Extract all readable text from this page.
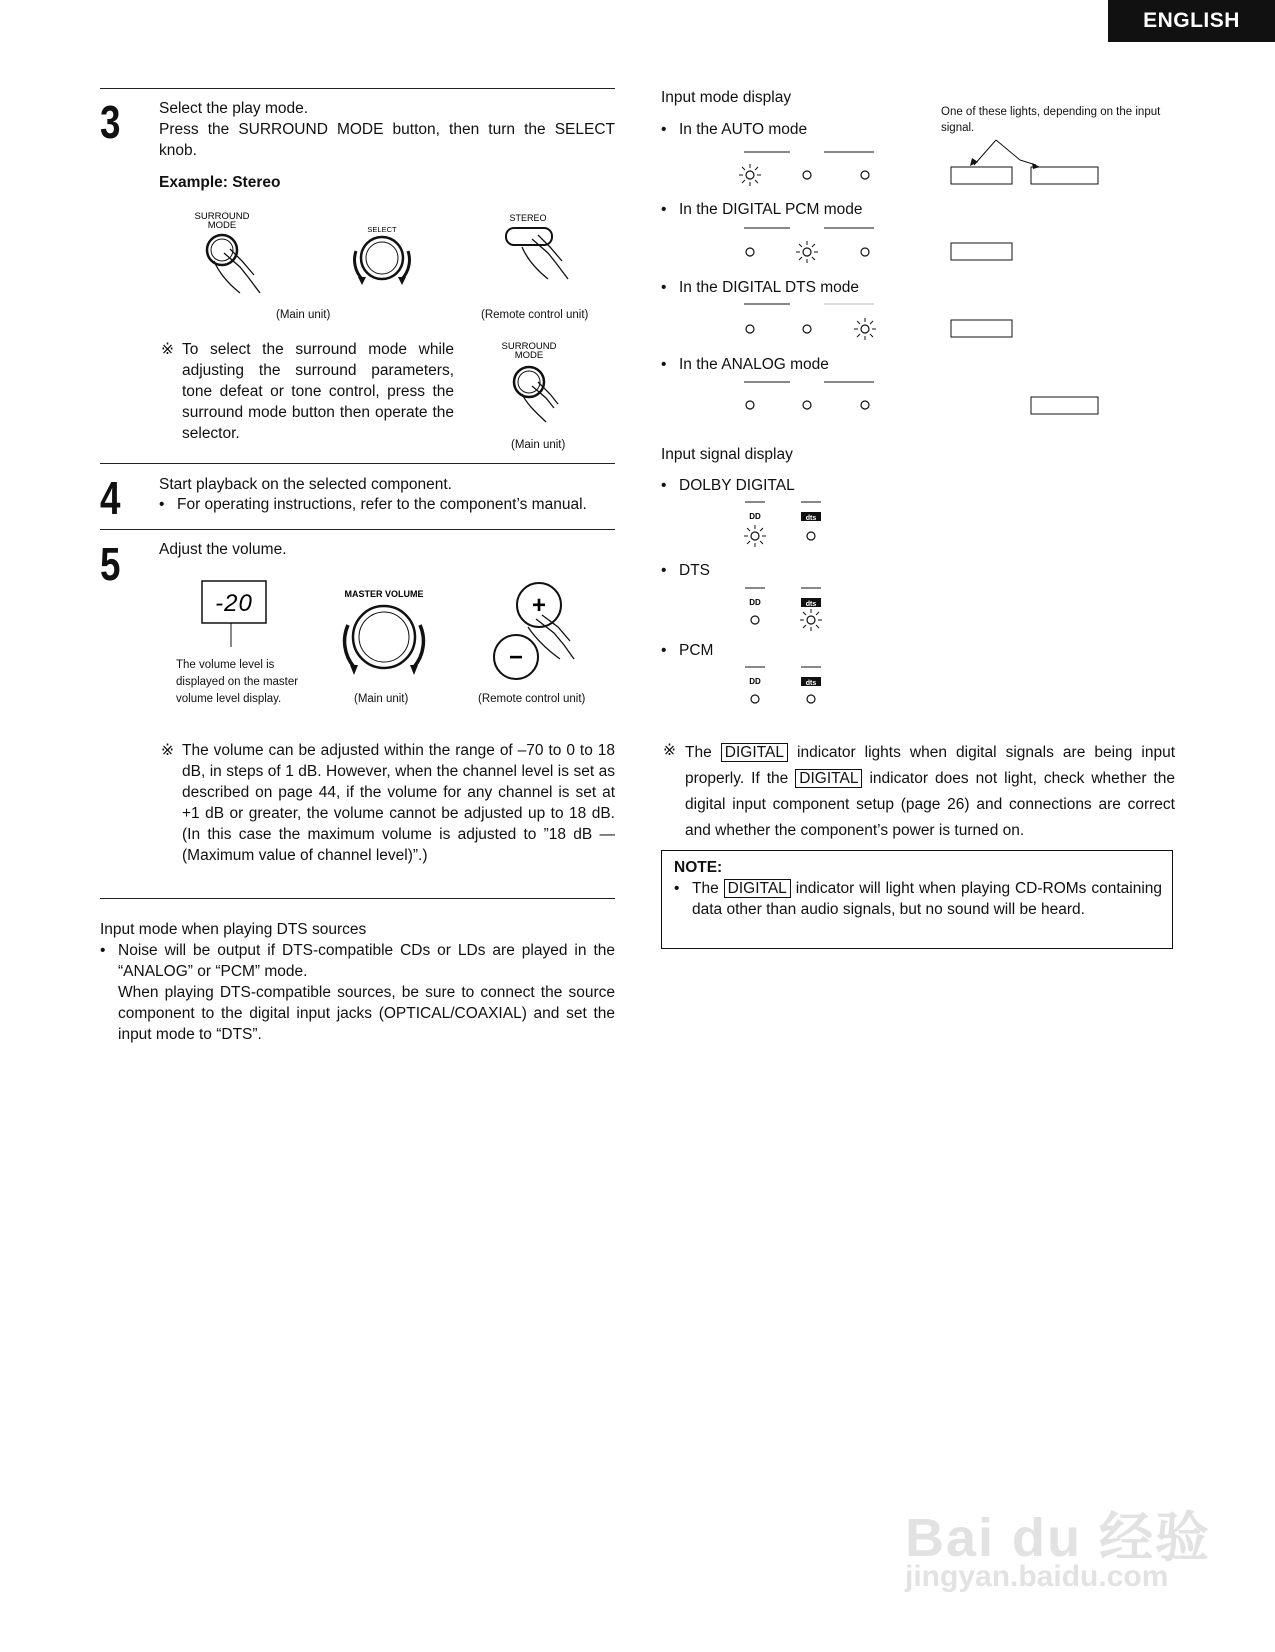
ENGLISH
3 Select the play mode.
Press the SURROUND MODE button, then turn the SELECT knob.
Example: Stereo
SURROUND
MODE	SELECT
STEREO
(Main unit)	(Remote control unit)
※ To select the surround mode while adjusting the surround parameters, tone defeat or tone control, press the surround mode button then operate the selector.
SURROUND
MODE
(Main unit)
4 Start playback on the selected component.
• For operating instructions, refer to the component’s manual.
5 Adjust the volume.
-20	MASTER VOLUME	+
−
The volume level is displayed on the master volume level display.	(Main unit)	(Remote control unit)
※ The volume can be adjusted within the range of –70 to 0 to 18 dB, in steps of 1 dB. However, when the channel level is set as described on page 44, if the volume for any channel is set at +1 dB or greater, the volume cannot be adjusted up to 18 dB. (In this case the maximum volume is adjusted to ”18 dB — (Maximum value of channel level)”.)
Input mode when playing DTS sources
• Noise will be output if DTS-compatible CDs or LDs are played in the “ANALOG” or “PCM” mode.
When playing DTS-compatible sources, be sure to connect the source component to the digital input jacks (OPTICAL/COAXIAL) and set the input mode to “DTS”.
Input mode display
One of these lights, depending on the input signal.
• In the AUTO mode
• In the DIGITAL PCM mode
• In the DIGITAL DTS mode
• In the ANALOG mode
Input signal display
• DOLBY DIGITAL
• DTS
• PCM
DD	dts
DD	dts
DD	dts
※ The DIGITAL indicator lights when digital signals are being input properly. If the DIGITAL indicator does not light, check whether the digital input component setup (page 26) and connections are correct and whether the component’s power is turned on.
NOTE:
• The DIGITAL indicator will light when playing CD-ROMs containing data other than audio signals, but no sound will be heard.
Bai du 经验
jingyan.baidu.com
